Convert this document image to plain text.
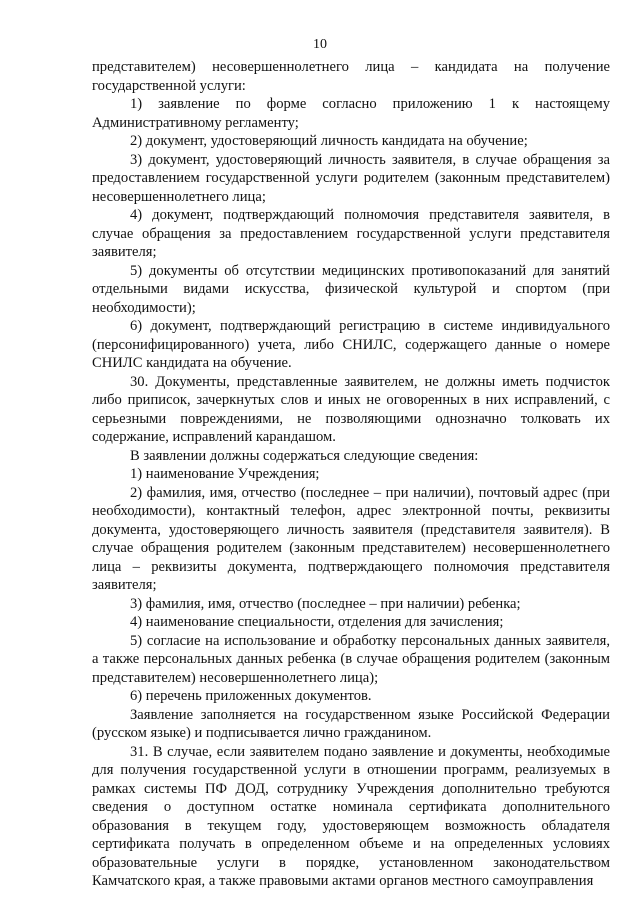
10

представителем) несовершеннолетнего лица – кандидата на получение государственной услуги:

1) заявление по форме согласно приложению 1 к настоящему Административному регламенту;

2) документ, удостоверяющий личность кандидата на обучение;

3) документ, удостоверяющий личность заявителя, в случае обращения за предоставлением государственной услуги родителем (законным представителем) несовершеннолетнего лица;

4) документ, подтверждающий полномочия представителя заявителя, в случае обращения за предоставлением государственной услуги представителя заявителя;

5) документы об отсутствии медицинских противопоказаний для занятий отдельными видами искусства, физической культурой и спортом (при необходимости);

6) документ, подтверждающий регистрацию в системе индивидуального (персонифицированного) учета, либо СНИЛС, содержащего данные о номере СНИЛС кандидата на обучение.

30. Документы, представленные заявителем, не должны иметь подчисток либо приписок, зачеркнутых слов и иных не оговоренных в них исправлений, с серьезными повреждениями, не позволяющими однозначно толковать их содержание, исправлений карандашом.

В заявлении должны содержаться следующие сведения:

1) наименование Учреждения;

2) фамилия, имя, отчество (последнее – при наличии), почтовый адрес (при необходимости), контактный телефон, адрес электронной почты, реквизиты документа, удостоверяющего личность заявителя (представителя заявителя). В случае обращения родителем (законным представителем) несовершеннолетнего лица – реквизиты документа, подтверждающего полномочия представителя заявителя;

3) фамилия, имя, отчество (последнее – при наличии) ребенка;

4) наименование специальности, отделения для зачисления;

5) согласие на использование и обработку персональных данных заявителя, а также персональных данных ребенка (в случае обращения родителем (законным представителем) несовершеннолетнего лица);

6) перечень приложенных документов.

Заявление заполняется на государственном языке Российской Федерации (русском языке) и подписывается лично гражданином.

31. В случае, если заявителем подано заявление и документы, необходимые для получения государственной услуги в отношении программ, реализуемых в рамках системы ПФ ДОД, сотруднику Учреждения дополнительно требуются сведения о доступном остатке номинала сертификата дополнительного образования в текущем году, удостоверяющем возможность обладателя сертификата получать в определенном объеме и на определенных условиях образовательные услуги в порядке, установленном законодательством Камчатского края, а также правовыми актами органов местного самоуправления
